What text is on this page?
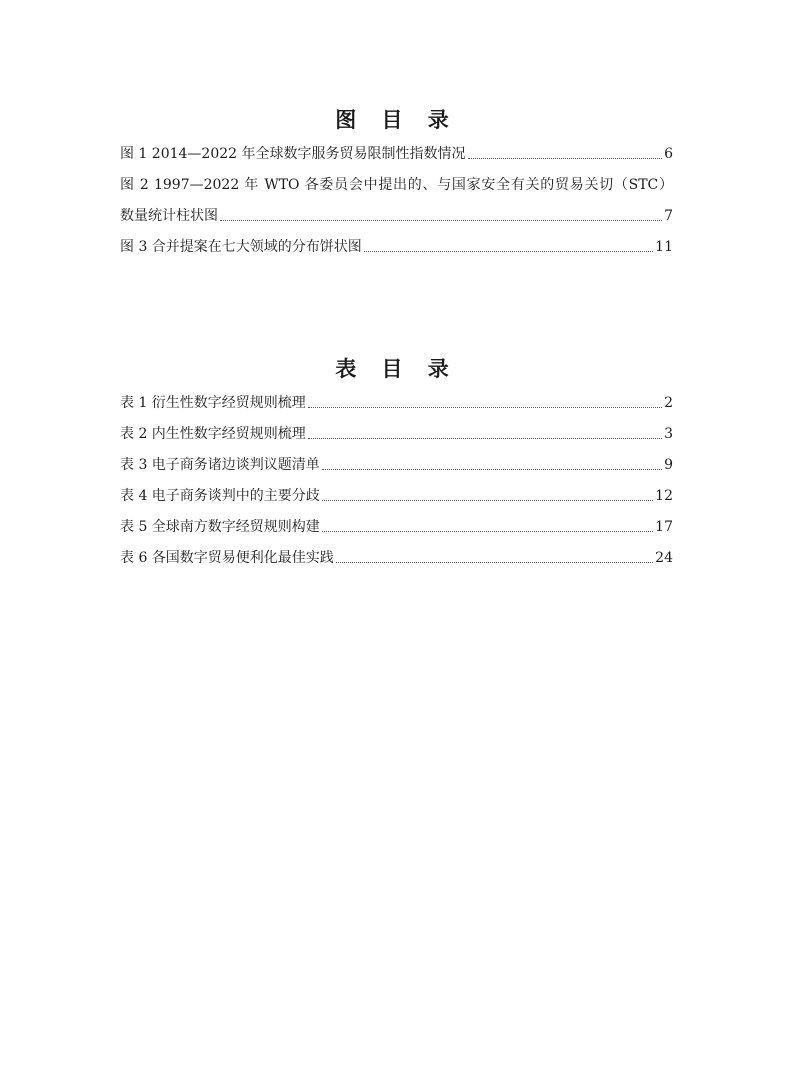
图 目 录
图 1 2014—2022 年全球数字服务贸易限制性指数情况	6
图 2 1997—2022 年 WTO 各委员会中提出的、与国家安全有关的贸易关切（STC）
数量统计柱状图	7
图 3 合并提案在七大领域的分布饼状图	11
表 目 录
表 1 衍生性数字经贸规则梳理	2
表 2 内生性数字经贸规则梳理	3
表 3 电子商务诸边谈判议题清单	9
表 4 电子商务谈判中的主要分歧	12
表 5 全球南方数字经贸规则构建	17
表 6 各国数字贸易便利化最佳实践	24
